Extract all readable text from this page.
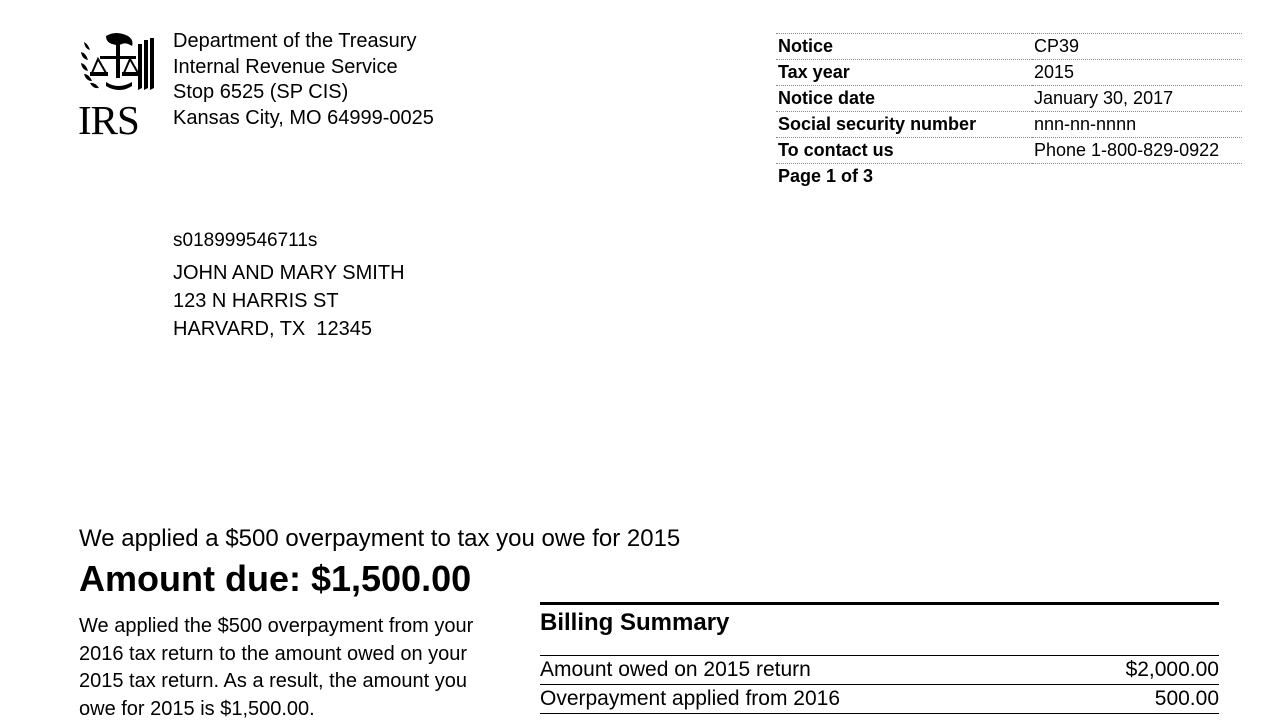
IRS
Department of the Treasury
Internal Revenue Service
Stop 6525 (SP CIS)
Kansas City, MO 64999-0025
Notice	CP39
Tax year	2015
Notice date	January 30, 2017
Social security number	nnn-nn-nnnn
To contact us	Phone 1-800-829-0922
Page 1 of 3
s018999546711s
JOHN AND MARY SMITH
123 N HARRIS ST
HARVARD, TX  12345
We applied a $500 overpayment to tax you owe for 2015
Amount due: $1,500.00
We applied the $500 overpayment from your
2016 tax return to the amount owed on your
2015 tax return. As a result, the amount you
owe for 2015 is $1,500.00.
Billing Summary
Amount owed on 2015 return	$2,000.00
Overpayment applied from 2016	500.00
